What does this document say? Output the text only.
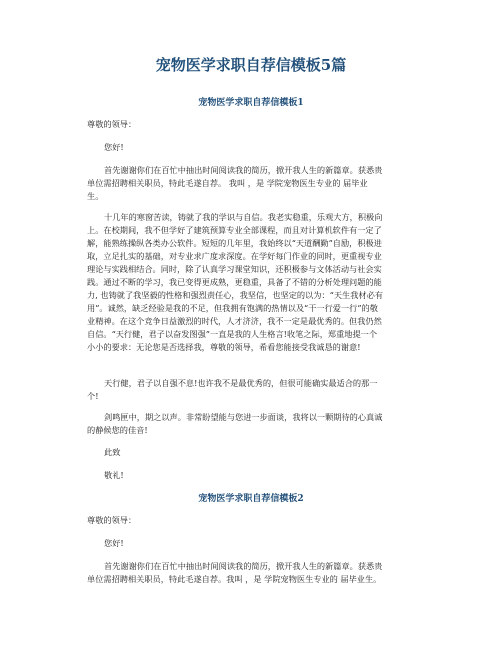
宠物医学求职自荐信模板5篇
宠物医学求职自荐信模板1

尊敬的领导：

您好!

首先谢谢你们在百忙中抽出时间阅读我的简历，掀开我人生的新篇章。获悉贵
单位需招聘相关职员，特此毛遂自荐。 我叫 ，是 学院宠物医生专业的 届毕业
生。

十几年的寒窗苦读，铸就了我的学识与自信。我老实稳重，乐观大方，积极向
上。在校期间，我不但学好了建筑预算专业全部课程，而且对计算机软件有一定了
解，能熟练操纵各类办公软件。短短的几年里，我始终以“天道酬勤”自励，积极进
取，立足扎实的基础，对专业求广度求深度。在学好每门作业的同时，更重视专业
理论与实践相结合。同时，除了认真学习课堂知识，还积极参与文体活动与社会实
践。通过不断的学习，我已变得更成熟，更稳重，具备了不错的分析处理问题的能
力, 也铸就了我坚毅的性格和强烈责任心，我坚信，也坚定的以为：“天生我材必有
用”。诚然，缺乏经验是我的不足，但我拥有饱满的热情以及“干一行爱一行”的敬
业精神。在这个竞争日益激烈的时代，人才济济，我不一定是最优秀的。但我仍然
自信。“天行健，君子以奋发图强”一直是我的人生格言!收笔之际，郑重地提一个
小小的要求：无论您是否选择我，尊敬的领导，希看您能接受我诚恳的谢意!

天行健，君子以自强不息!也许我不是最优秀的，但很可能确实最适合的那一
个!

剑鸣匣中，期之以声。非常盼望能与您进一步面谈，我将以一颗期待的心真诚
的静候您的佳音!

此致

敬礼!

宠物医学求职自荐信模板2

尊敬的领导：

您好!

首先谢谢你们在百忙中抽出时间阅读我的简历，掀开我人生的新篇章。获悉贵
单位需招聘相关职员，特此毛遂自荐。我叫 ，是 学院宠物医生专业的 届毕业生。
